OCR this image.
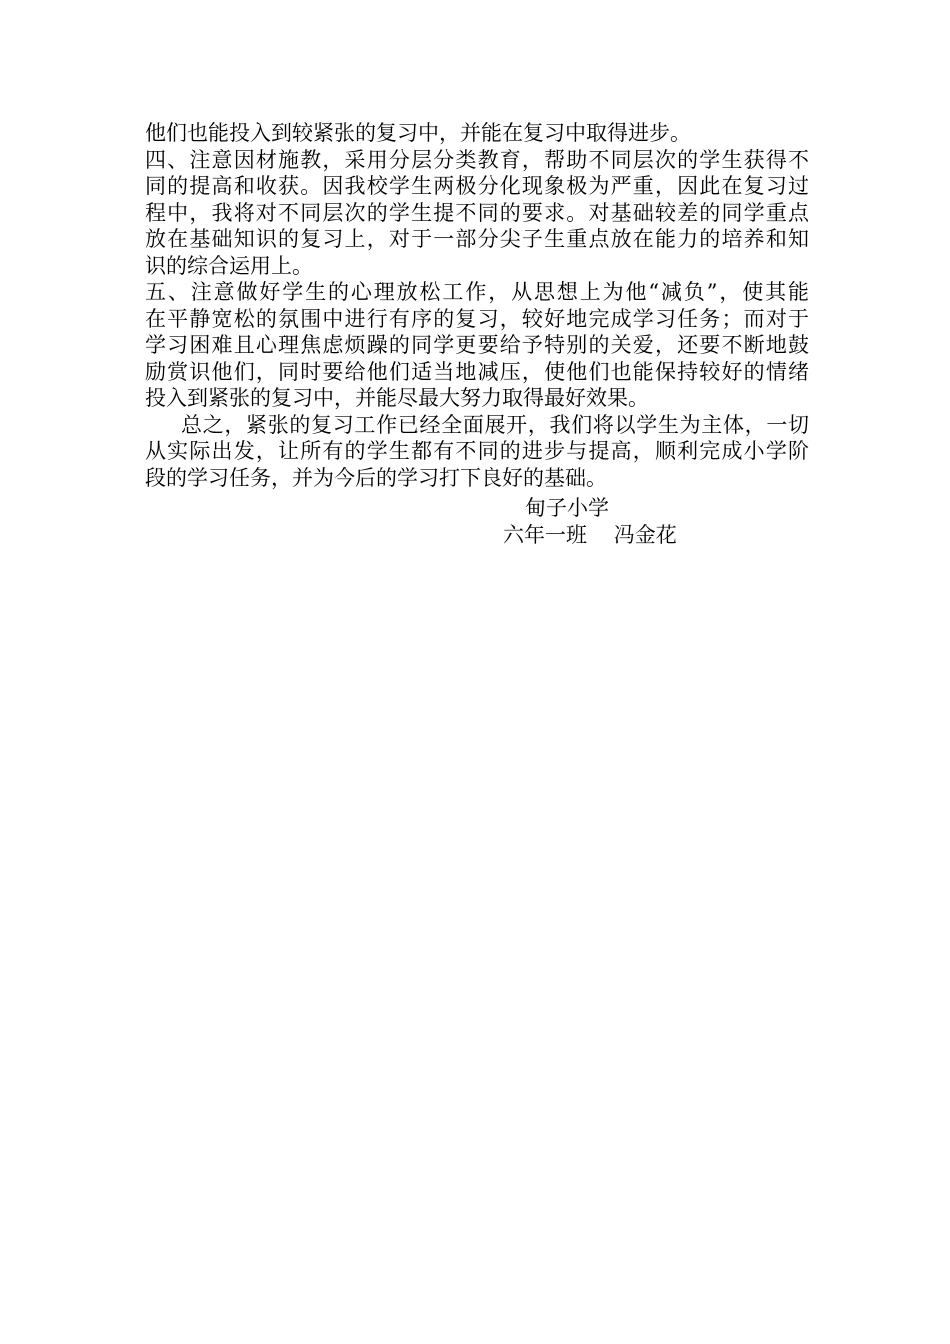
他们也能投入到较紧张的复习中，并能在复习中取得进步。
四、注意因材施教，采用分层分类教育，帮助不同层次的学生获得不
同的提高和收获。因我校学生两极分化现象极为严重，因此在复习过
程中，我将对不同层次的学生提不同的要求。对基础较差的同学重点
放在基础知识的复习上，对于一部分尖子生重点放在能力的培养和知
识的综合运用上。
五、注意做好学生的心理放松工作，从思想上为他“减负”，使其能
在平静宽松的氛围中进行有序的复习，较好地完成学习任务；而对于
学习困难且心理焦虑烦躁的同学更要给予特别的关爱，还要不断地鼓
励赏识他们，同时要给他们适当地减压，使他们也能保持较好的情绪
投入到紧张的复习中，并能尽最大努力取得最好效果。
总之，紧张的复习工作已经全面展开，我们将以学生为主体，一切
从实际出发，让所有的学生都有不同的进步与提高，顺利完成小学阶
段的学习任务，并为今后的学习打下良好的基础。
甸子小学
六年一班    冯金花
